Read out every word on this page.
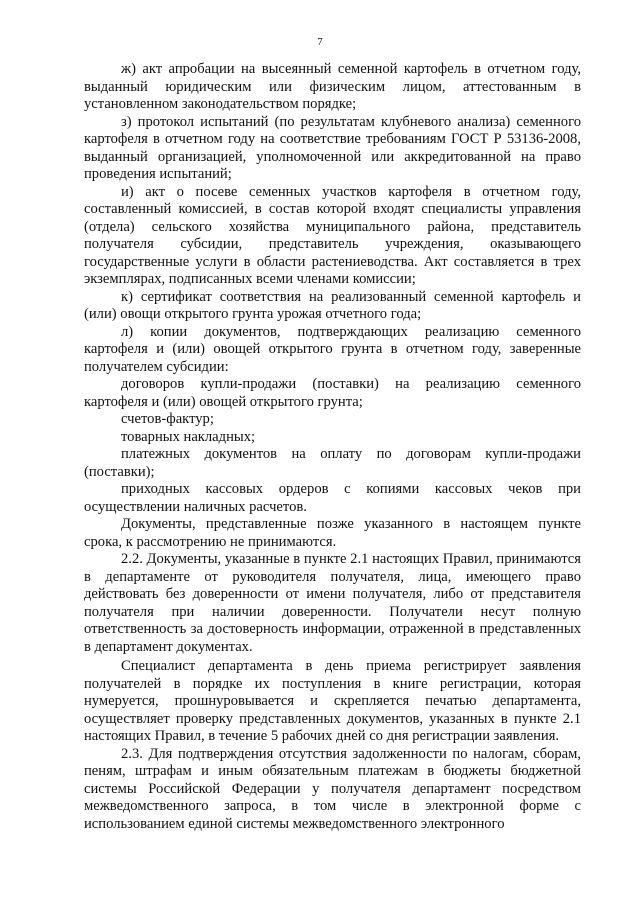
7

ж) акт апробации на высеянный семенной картофель в отчетном году, выданный юридическим или физическим лицом, аттестованным в установленном законодательством порядке;

з) протокол испытаний (по результатам клубневого анализа) семенного картофеля в отчетном году на соответствие требованиям ГОСТ Р 53136-2008, выданный организацией, уполномоченной или аккредитованной на право проведения испытаний;

и) акт о посеве семенных участков картофеля в отчетном году, составленный комиссией, в состав которой входят специалисты управления (отдела) сельского хозяйства муниципального района, представитель получателя субсидии, представитель учреждения, оказывающего государственные услуги в области растениеводства. Акт составляется в трех экземплярах, подписанных всеми членами комиссии;

к) сертификат соответствия на реализованный семенной картофель и (или) овощи открытого грунта урожая отчетного года;

л) копии документов, подтверждающих реализацию семенного картофеля и (или) овощей открытого грунта в отчетном году, заверенные получателем субсидии:

договоров купли-продажи (поставки) на реализацию семенного картофеля и (или) овощей открытого грунта;

счетов-фактур;

товарных накладных;

платежных документов на оплату по договорам купли-продажи (поставки);

приходных кассовых ордеров с копиями кассовых чеков при осуществлении наличных расчетов.

Документы, представленные позже указанного в настоящем пункте срока, к рассмотрению не принимаются.

2.2. Документы, указанные в пункте 2.1 настоящих Правил, принимаются в департаменте от руководителя получателя, лица, имеющего право действовать без доверенности от имени получателя, либо от представителя получателя при наличии доверенности. Получатели несут полную ответственность за достоверность информации, отраженной в представленных в департамент документах.

Специалист департамента в день приема регистрирует заявления получателей в порядке их поступления в книге регистрации, которая нумеруется, прошнуровывается и скрепляется печатью департамента, осуществляет проверку представленных документов, указанных в пункте 2.1 настоящих Правил, в течение 5 рабочих дней со дня регистрации заявления.

2.3. Для подтверждения отсутствия задолженности по налогам, сборам, пеням, штрафам и иным обязательным платежам в бюджеты бюджетной системы Российской Федерации у получателя департамент посредством межведомственного запроса, в том числе в электронной форме с использованием единой системы межведомственного электронного
